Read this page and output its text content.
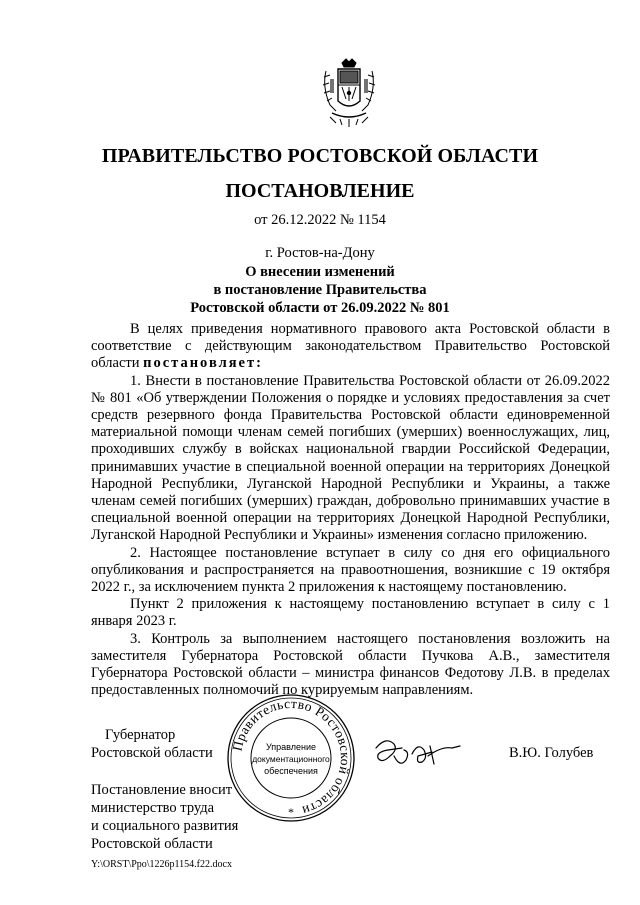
ПРАВИТЕЛЬСТВО РОСТОВСКОЙ ОБЛАСТИ
ПОСТАНОВЛЕНИЕ
от 26.12.2022 № 1154
г. Ростов-на-Дону
О внесении изменений
в постановление Правительства
Ростовской области от 26.09.2022 № 801

В целях приведения нормативного правового акта Ростовской области в соответствие с действующим законодательством Правительство Ростовской области постановляет:

1. Внести в постановление Правительства Ростовской области от 26.09.2022 № 801 «Об утверждении Положения о порядке и условиях предоставления за счет средств резервного фонда Правительства Ростовской области единовременной материальной помощи членам семей погибших (умерших) военнослужащих, лиц, проходивших службу в войсках национальной гвардии Российской Федерации, принимавших участие в специальной военной операции на территориях Донецкой Народной Республики, Луганской Народной Республики и Украины, а также членам семей погибших (умерших) граждан, добровольно принимавших участие в специальной военной операции на территориях Донецкой Народной Республики, Луганской Народной Республики и Украины» изменения согласно приложению.

2. Настоящее постановление вступает в силу со дня его официального опубликования и распространяется на правоотношения, возникшие с 19 октября 2022 г., за исключением пункта 2 приложения к настоящему постановлению.

Пункт 2 приложения к настоящему постановлению вступает в силу с 1 января 2023 г.

3. Контроль за выполнением настоящего постановления возложить на заместителя Губернатора Ростовской области Пучкова А.В., заместителя Губернатора Ростовской области – министра финансов Федотову Л.В. в пределах предоставленных полномочий по курируемым направлениям.

Губернатор
Ростовской области Правительство Ростовской области
Управление
документационного
обеспечения
*
В.Ю. Голубев
Постановление вносит
министерство труда
и социального развития
Ростовской области
Y:\ORST\Ppo\1226p1154.f22.docx
